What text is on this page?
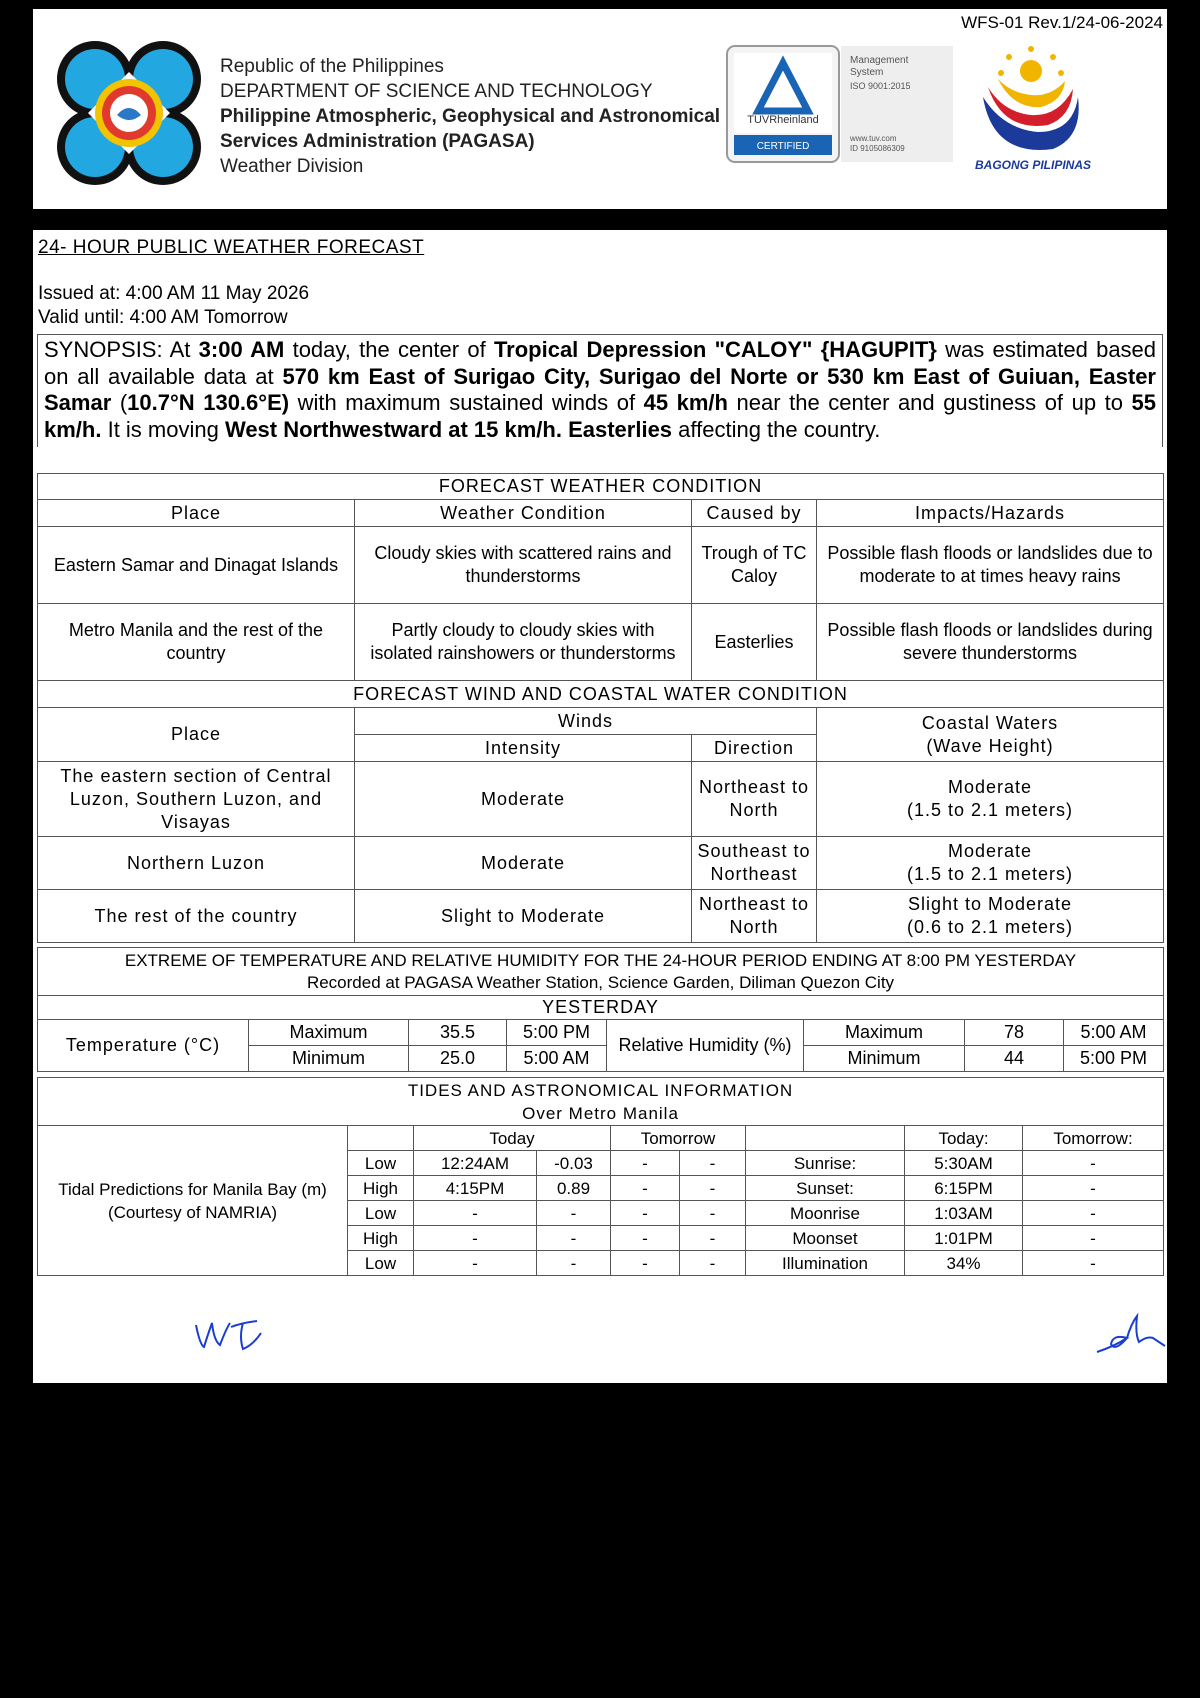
WFS-01 Rev.1/24-06-2024
Republic of the Philippines
DEPARTMENT OF SCIENCE AND TECHNOLOGY
Philippine Atmospheric, Geophysical and Astronomical
Services Administration (PAGASA)
Weather Division
TÜVRheinland
CERTIFIED
Management
System
ISO 9001:2015
www.tuv.com
ID 9105086309
BAGONG PILIPINAS
24- HOUR PUBLIC WEATHER FORECAST
Issued at: 4:00 AM 11 May 2026
Valid until: 4:00 AM Tomorrow
SYNOPSIS: At 3:00 AM today, the center of Tropical Depression "CALOY" {HAGUPIT} was estimated based on all available data at 570 km East of Surigao City, Surigao del Norte or 530 km East of Guiuan, Easter Samar (10.7°N 130.6°E) with maximum sustained winds of 45 km/h near the center and gustiness of up to 55 km/h. It is moving West Northwestward at 15 km/h. Easterlies affecting the country.
FORECAST WEATHER CONDITION			
Place	Weather Condition	Caused by	Impacts/Hazards
Eastern Samar and Dinagat Islands	Cloudy skies with scattered rains and thunderstorms	Trough of TC Caloy	Possible flash floods or landslides due to moderate to at times heavy rains
Metro Manila and the rest of the country	Partly cloudy to cloudy skies with isolated rainshowers or thunderstorms	Easterlies	Possible flash floods or landslides during severe thunderstorms
FORECAST WIND AND COASTAL WATER CONDITION			
Place	Winds		Coastal Waters
(Wave Height)
	Intensity	Direction	
The eastern section of Central Luzon, Southern Luzon, and Visayas	Moderate	Northeast to North	Moderate
(1.5 to 2.1 meters)
Northern Luzon	Moderate	Southeast to Northeast	Moderate
(1.5 to 2.1 meters)
The rest of the country	Slight to Moderate	Northeast to North	Slight to Moderate
(0.6 to 2.1 meters)
EXTREME OF TEMPERATURE AND RELATIVE HUMIDITY FOR THE 24-HOUR PERIOD ENDING AT 8:00 PM YESTERDAY
Recorded at PAGASA Weather Station, Science Garden, Diliman Quezon City							
YESTERDAY							
Temperature (°C)	Maximum	35.5	5:00 PM	Relative Humidity (%)	Maximum	78	5:00 AM
	Minimum	25.0	5:00 AM		Minimum	44	5:00 PM
TIDES AND ASTRONOMICAL INFORMATION
Over Metro Manila								
Tidal Predictions for Manila Bay (m) (Courtesy of NAMRIA)		Today		Tomorrow			Today:	Tomorrow:
	Low	12:24AM	-0.03	-	-	Sunrise:	5:30AM	-
	High	4:15PM	0.89	-	-	Sunset:	6:15PM	-
	Low	-	-	-	-	Moonrise	1:03AM	-
	High	-	-	-	-	Moonset	1:01PM	-
	Low	-	-	-	-	Illumination	34%	-
PREPARED BY: VCT	CHECKED BY: ABA
